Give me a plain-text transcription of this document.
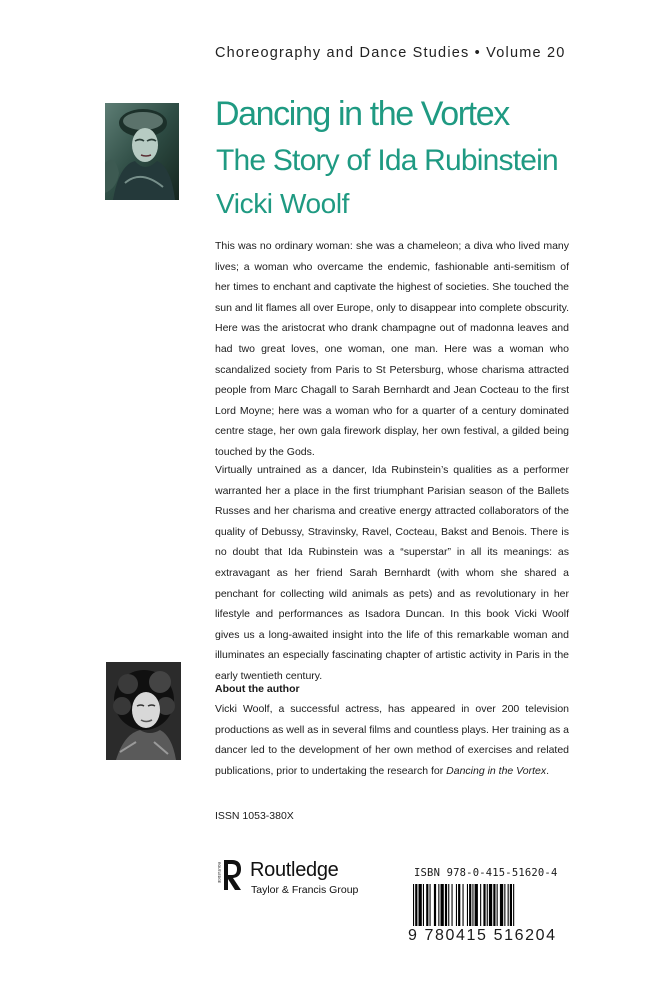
Choreography and Dance Studies • Volume 20
Dancing in the Vortex
The Story of Ida Rubinstein
Vicki Woolf

This was no ordinary woman: she was a chameleon; a diva who lived many lives; a woman who overcame the endemic, fashionable anti-semitism of her times to enchant and captivate the highest of societies. She touched the sun and lit flames all over Europe, only to disappear into complete obscurity. Here was the aristocrat who drank champagne out of madonna leaves and had two great loves, one woman, one man. Here was a woman who scandalized society from Paris to St Petersburg, whose charisma attracted people from Marc Chagall to Sarah Bernhardt and Jean Cocteau to the first Lord Moyne; here was a woman who for a quarter of a century dominated centre stage, her own gala firework display, her own festival, a gilded being touched by the Gods.

Virtually untrained as a dancer, Ida Rubinstein’s qualities as a performer warranted her a place in the first triumphant Parisian season of the Ballets Russes and her charisma and creative energy attracted collaborators of the quality of Debussy, Stravinsky, Ravel, Cocteau, Bakst and Benois. There is no doubt that Ida Rubinstein was a “superstar” in all its meanings: as extravagant as her friend Sarah Bernhardt (with whom she shared a penchant for collecting wild animals as pets) and as revolutionary in her lifestyle and performances as Isadora Duncan. In this book Vicki Woolf gives us a long-awaited insight into the life of this remarkable woman and illuminates an especially fascinating chapter of artistic activity in Paris in the early twentieth century.

About the author

Vicki Woolf, a successful actress, has appeared in over 200 television productions as well as in several films and countless plays. Her training as a dancer led to the development of her own method of exercises and related publications, prior to undertaking the research for Dancing in the Vortex.

ISSN 1053-380X
ROUTLEDGE Routledge
Taylor & Francis Group
ISBN 978-0-415-51620-4
9 780415 516204
